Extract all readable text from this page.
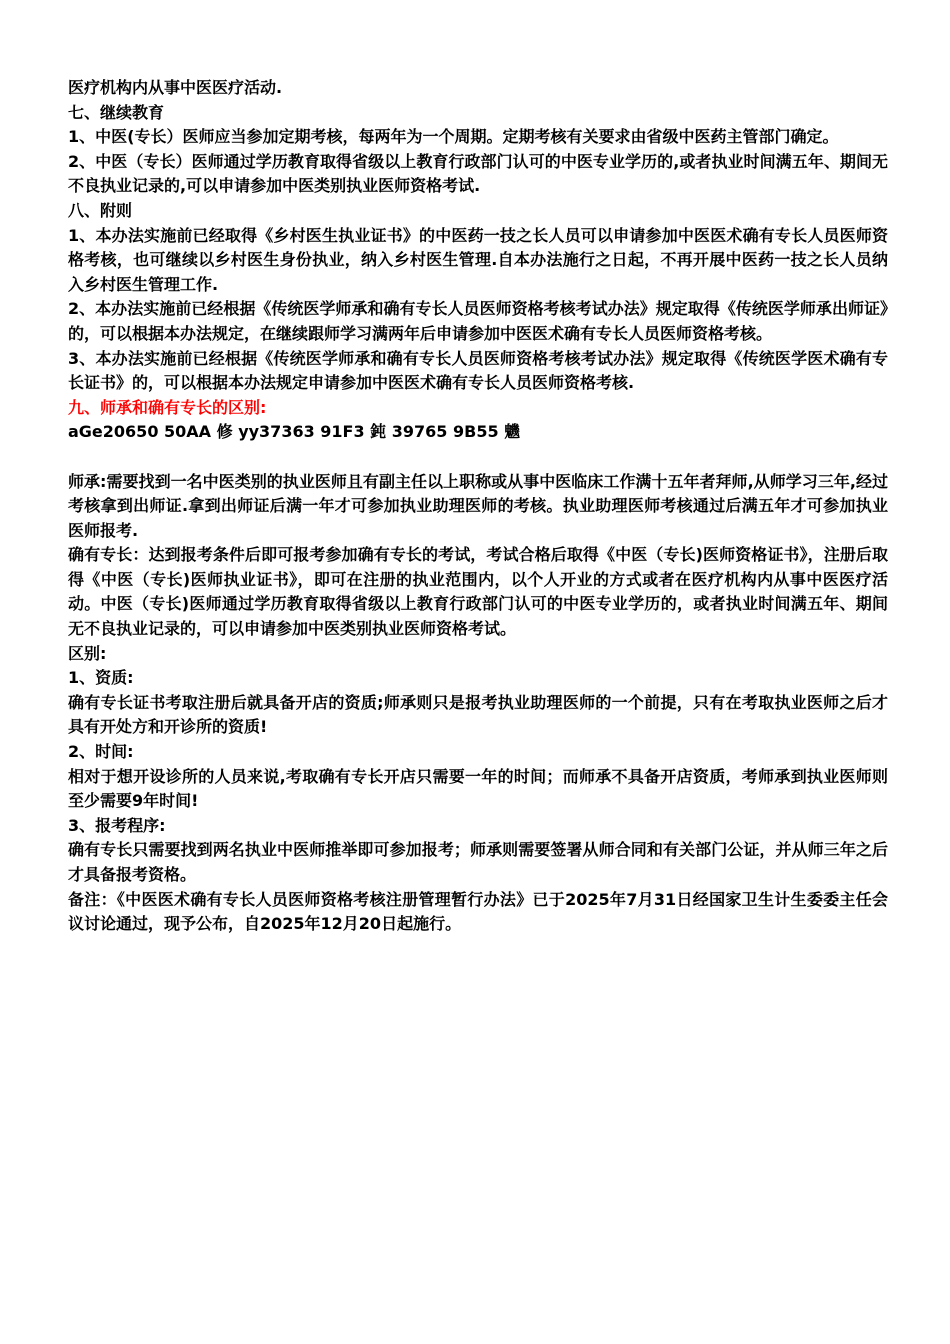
医疗机构内从事中医医疗活动.

七、继续教育

1、中医(专长）医师应当参加定期考核，每两年为一个周期。定期考核有关要求由省级中医药主管部门确定。

2、中医（专长）医师通过学历教育取得省级以上教育行政部门认可的中医专业学历的,或者执业时间满五年、期间无不良执业记录的,可以申请参加中医类别执业医师资格考试.

八、附则

1、本办法实施前已经取得《乡村医生执业证书》的中医药一技之长人员可以申请参加中医医术确有专长人员医师资格考核，也可继续以乡村医生身份执业，纳入乡村医生管理.自本办法施行之日起，不再开展中医药一技之长人员纳入乡村医生管理工作.

2、本办法实施前已经根据《传统医学师承和确有专长人员医师资格考核考试办法》规定取得《传统医学师承出师证》的，可以根据本办法规定，在继续跟师学习满两年后申请参加中医医术确有专长人员医师资格考核。

3、本办法实施前已经根据《传统医学师承和确有专长人员医师资格考核考试办法》规定取得《传统医学医术确有专长证书》的，可以根据本办法规定申请参加中医医术确有专长人员医师资格考核.

九、师承和确有专长的区别:

aGe20650 50AA 修 yy37363 91F3 鈍 39765 9B55 魕

师承:需要找到一名中医类别的执业医师且有副主任以上职称或从事中医临床工作满十五年者拜师,从师学习三年,经过考核拿到出师证.拿到出师证后满一年才可参加执业助理医师的考核。执业助理医师考核通过后满五年才可参加执业医师报考.

确有专长：达到报考条件后即可报考参加确有专长的考试，考试合格后取得《中医（专长)医师资格证书》，注册后取得《中医（专长)医师执业证书》，即可在注册的执业范围内，以个人开业的方式或者在医疗机构内从事中医医疗活动。中医（专长)医师通过学历教育取得省级以上教育行政部门认可的中医专业学历的，或者执业时间满五年、期间无不良执业记录的，可以申请参加中医类别执业医师资格考试。

区别:

1、资质:

确有专长证书考取注册后就具备开店的资质;师承则只是报考执业助理医师的一个前提，只有在考取执业医师之后才具有开处方和开诊所的资质!

2、时间:

相对于想开设诊所的人员来说,考取确有专长开店只需要一年的时间；而师承不具备开店资质，考师承到执业医师则至少需要9年时间!

3、报考程序:

确有专长只需要找到两名执业中医师推举即可参加报考；师承则需要签署从师合同和有关部门公证，并从师三年之后才具备报考资格。

备注：《中医医术确有专长人员医师资格考核注册管理暂行办法》已于2025年7月31日经国家卫生计生委委主任会议讨论通过，现予公布，自2025年12月20日起施行。
